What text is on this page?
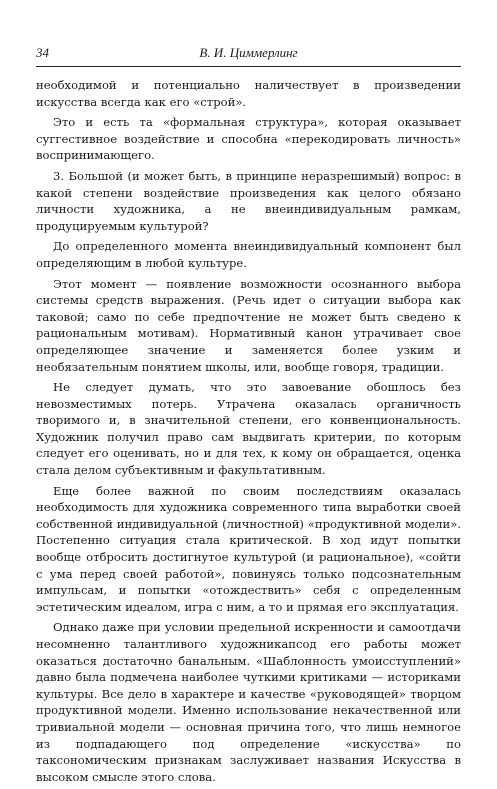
34	В. И. Циммерлинг

необходимой и потенциально наличествует в произведении искусства всегда как его «строй».

Это и есть та «формальная структура», которая оказывает суггестивное воздействие и способна «перекодировать личность» воспринимающего.

3. Большой (и может быть, в принципе неразрешимый) вопрос: в какой степени воздействие произведения как целого обязано личности художника, а не внеиндивидуальным рамкам, продуцируемым культурой?

До определенного момента внеиндивидуальный компонент был определяющим в любой культуре.

Этот момент — появление возможности осознанного выбора системы средств выражения. (Речь идет о ситуации выбора как таковой; само по себе предпочтение не может быть сведено к рациональным мотивам). Нормативный канон утрачивает свое определяющее значение и заменяется более узким и необязательным понятием школы, или, вообще говоря, традиции.

Не следует думать, что это завоевание обошлось без невозместимых потерь. Утрачена оказалась органичность творимого и, в значительной степени, его конвенциональность. Художник получил право сам выдвигать критерии, по которым следует его оценивать, но и для тех, к кому он обращается, оценка стала делом субъективным и факультативным.

Еще более важной по своим последствиям оказалась необходимость для художника современного типа выработки своей собственной индивидуальной (личностной) «продуктивной модели». Постепенно ситуация стала критической. В ход идут попытки вообще отбросить достигнутое культурой (и рациональное), «сойти с ума перед своей работой», повинуясь только подсознательным импульсам, и попытки «отождествить» себя с определенным эстетическим идеалом, игра с ним, а то и прямая его эксплуатация.

Однако даже при условии предельной искренности и самоотдачи несомненно талантливого художникапсод его работы может оказаться достаточно банальным. «Шаблонность умоисступлений» давно была подмечена наиболее чуткими критиками — историками культуры. Все дело в характере и качестве «руководящей» творцом продуктивной модели. Именно использование некачественной или тривиальной модели — основная причина того, что лишь немногое из подпадающего под определение «искусства» по таксономическим признакам заслуживает названия Искусства в высоком смысле этого слова.
